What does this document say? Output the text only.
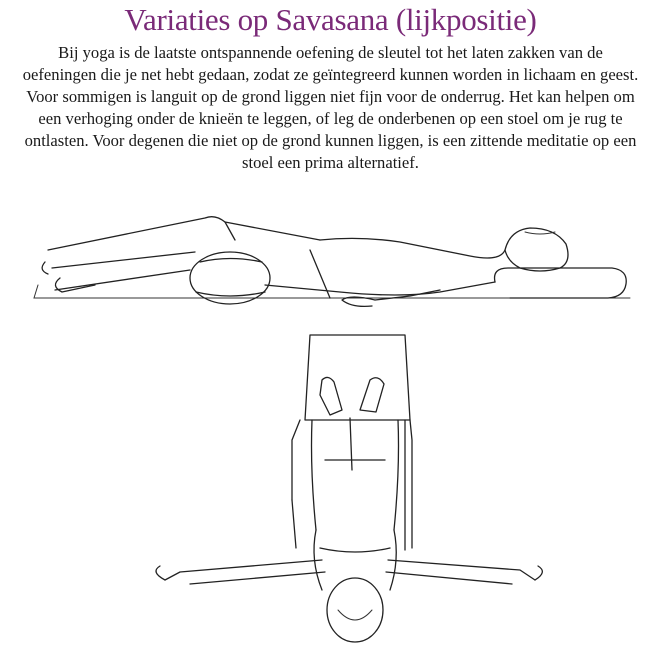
Variaties op Savasana (lijkpositie)
Bij yoga is de laatste ontspannende oefening de sleutel tot het laten zakken van de oefeningen die je net hebt gedaan, zodat ze geïntegreerd kunnen worden in lichaam en geest. Voor sommigen is languit op de grond liggen niet fijn voor de onderrug. Het kan helpen om een verhoging onder de knieën te leggen, of leg de onderbenen op een stoel om je rug te ontlasten. Voor degenen die niet op de grond kunnen liggen, is een zittende meditatie op een stoel een prima alternatief.
